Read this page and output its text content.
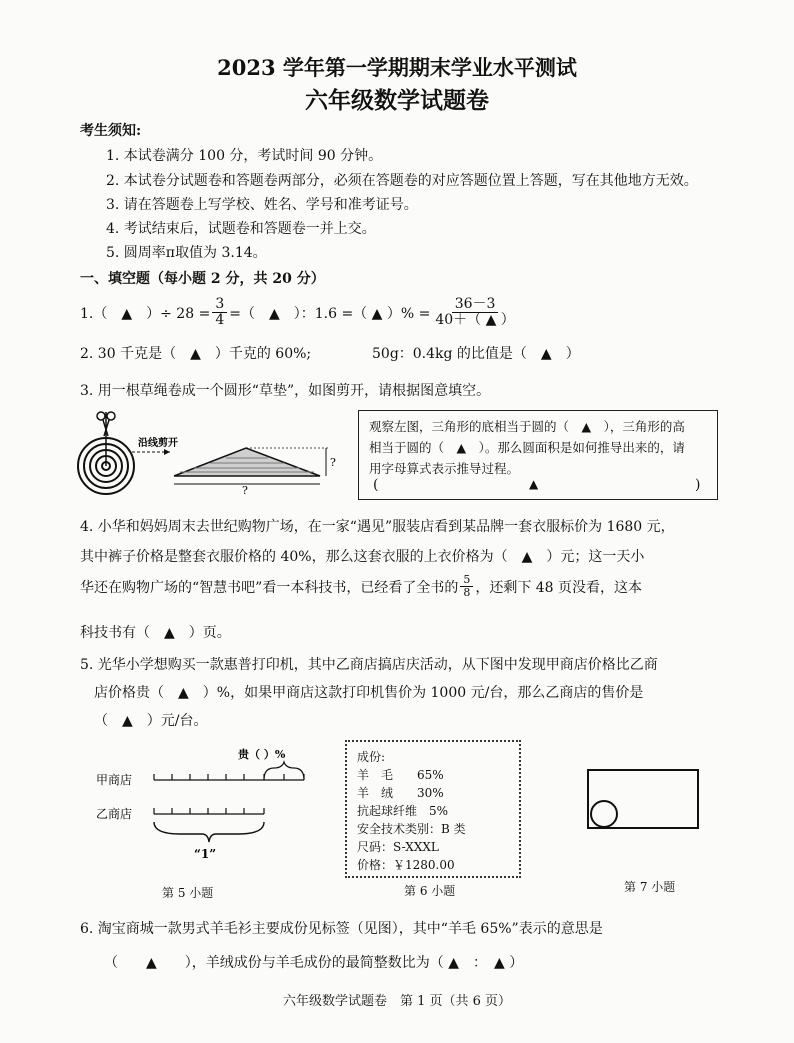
2023 学年第一学期期末学业水平测试
六年级数学试题卷
考生须知:
1. 本试卷满分 100 分，考试时间 90 分钟。
2. 本试卷分试题卷和答题卷两部分，必须在答题卷的对应答题位置上答题，写在其他地方无效。
3. 请在答题卷上写学校、姓名、学号和准考证号。
4. 考试结束后，试题卷和答题卷一并上交。
5. 圆周率π取值为 3.14。
一、填空题（每小题 2 分，共 20 分）
1.（　▲　）÷ $28 = \frac{3}{4}$ =（　▲　）：1.6 =（ ▲ ）% = $\frac{36-3}{40+( ▲ )}$
2. 30 千克是（　▲　）千克的 60%;	50g：0.4kg 的比值是（　▲　）
3. 用一根草绳卷成一个圆形“草垫”，如图剪开，请根据图意填空。
沿线剪开
?
?
观察左图，三角形的底相当于圆的（　▲　），三角形的高
相当于圆的（　▲　）。那么圆面积是如何推导出来的，请
用字母算式表示推导过程。
(	▲	)
4. 小华和妈妈周末去世纪购物广场，在一家“遇见”服装店看到某品牌一套衣服标价为 1680 元，
其中裤子价格是整套衣服价格的 40%，那么这套衣服的上衣价格为（　▲　）元；这一天小
华还在购物广场的“智慧书吧”看一本科技书，已经看了全书的 $\frac{5}{8}$ ，还剩下 48 页没看，这本
科技书有（　▲　）页。
5. 光华小学想购买一款惠普打印机，其中乙商店搞店庆活动，从下图中发现甲商店价格比乙商
店价格贵（　▲　）%，如果甲商店这款打印机售价为 1000 元/台，那么乙商店的售价是
（　▲　）元/台。
贵（ ）%
甲商店
乙商店
“1”
第 5 小题
成份:
羊　毛　　65%
羊　绒　　30%
抗起球纤维　5%
安全技术类别：B 类
尺码：S-XXXL
价格：￥1280.00
第 6 小题	第 7 小题
6. 淘宝商城一款男式羊毛衫主要成份见标签（见图），其中“羊毛 65%”表示的意思是
（　　▲　　），羊绒成份与羊毛成份的最简整数比为（ ▲　：　▲ ）
六年级数学试题卷　第 1 页（共 6 页）
